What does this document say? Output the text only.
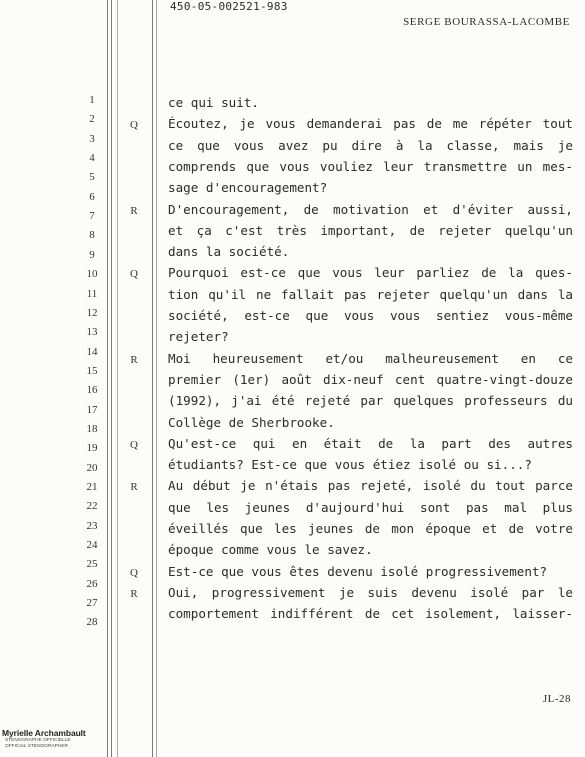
450-05-002521-983
SERGE BOURASSA-LACOMBE
1
2
3
4
5
6
7
8
9
10
11
12
13
14
15
16
17
18
19
20
21
22
23
24
25
26
27
28
ce qui suit.
Q	Écoutez, je vous demanderai pas de me répéter tout
ce que vous avez pu dire à la classe, mais je
comprends que vous vouliez leur transmettre un mes-
sage d'encouragement?
R	D'encouragement, de motivation et d'éviter aussi,
et ça c'est très important, de rejeter quelqu'un
dans la société.
Q	Pourquoi est-ce que vous leur parliez de la ques-
tion qu'il ne fallait pas rejeter quelqu'un dans la
société, est-ce que vous vous sentiez vous-même
rejeter?
R	Moi heureusement et/ou malheureusement en ce
premier (1er) août dix-neuf cent quatre-vingt-douze
(1992), j'ai été rejeté par quelques professeurs du
Collège de Sherbrooke.
Q	Qu'est-ce qui en était de la part des autres
étudiants? Est-ce que vous étiez isolé ou si...?
R	Au début je n'étais pas rejeté, isolé du tout parce
que les jeunes d'aujourd'hui sont pas mal plus
éveillés que les jeunes de mon époque et de votre
époque comme vous le savez.
Q	Est-ce que vous êtes devenu isolé progressivement?
R	Oui, progressivement je suis devenu isolé par le
comportement indifférent de cet isolement, laisser-
JL-28
Myrielle Archambault
STÉNOGRAPHE OFFICIELLE
OFFICIAL STENOGRAPHER
